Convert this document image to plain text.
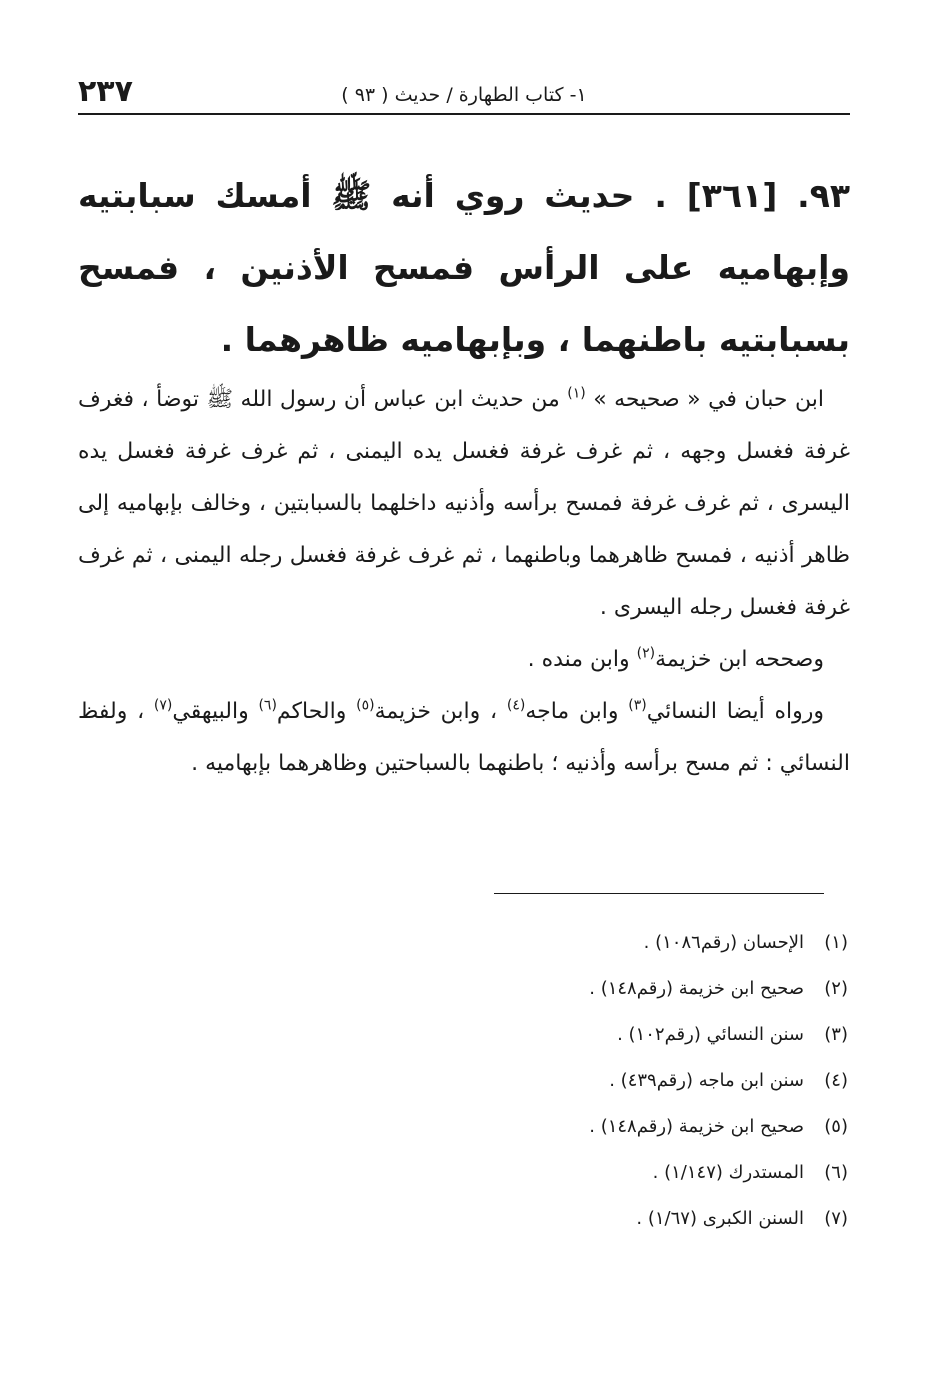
٢٣٧	١- كتاب الطهارة / حديث ( ٩٣ )
٩٣. [٣٦١] . حديث روي أنه ﷺ أمسك سبابتيه وإبهاميه على الرأس فمسح الأذنين ، فمسح بسبابتيه باطنهما ، وبإبهاميه ظاهرهما .

ابن حبان في « صحيحه » $^{(١)}$ من حديث ابن عباس أن رسول الله ﷺ توضأ ، فغرف غرفة فغسل وجهه ، ثم غرف غرفة فغسل يده اليمنى ، ثم غرف غرفة فغسل يده اليسرى ، ثم غرف غرفة فمسح برأسه وأذنيه داخلهما بالسبابتين ، وخالف بإبهاميه إلى ظاهر أذنيه ، فمسح ظاهرهما وباطنهما ، ثم غرف غرفة فغسل رجله اليمنى ، ثم غرف غرفة فغسل رجله اليسرى .

وصححه ابن خزيمة$^{(٢)}$ وابن منده .

ورواه أيضا النسائي$^{(٣)}$ وابن ماجه$^{(٤)}$ ، وابن خزيمة$^{(٥)}$ والحاكم$^{(٦)}$ والبيهقي$^{(٧)}$ ، ولفظ النسائي : ثم مسح برأسه وأذنيه ؛ باطنهما بالسباحتين وظاهرهما بإبهاميه .

(١)الإحسان (رقم١٠٨٦) .
(٢)صحيح ابن خزيمة (رقم١٤٨) .
(٣)سنن النسائي (رقم١٠٢) .
(٤)سنن ابن ماجه (رقم٤٣٩) .
(٥)صحيح ابن خزيمة (رقم١٤٨) .
(٦)المستدرك (١/١٤٧) .
(٧)السنن الكبرى (١/٦٧) .
